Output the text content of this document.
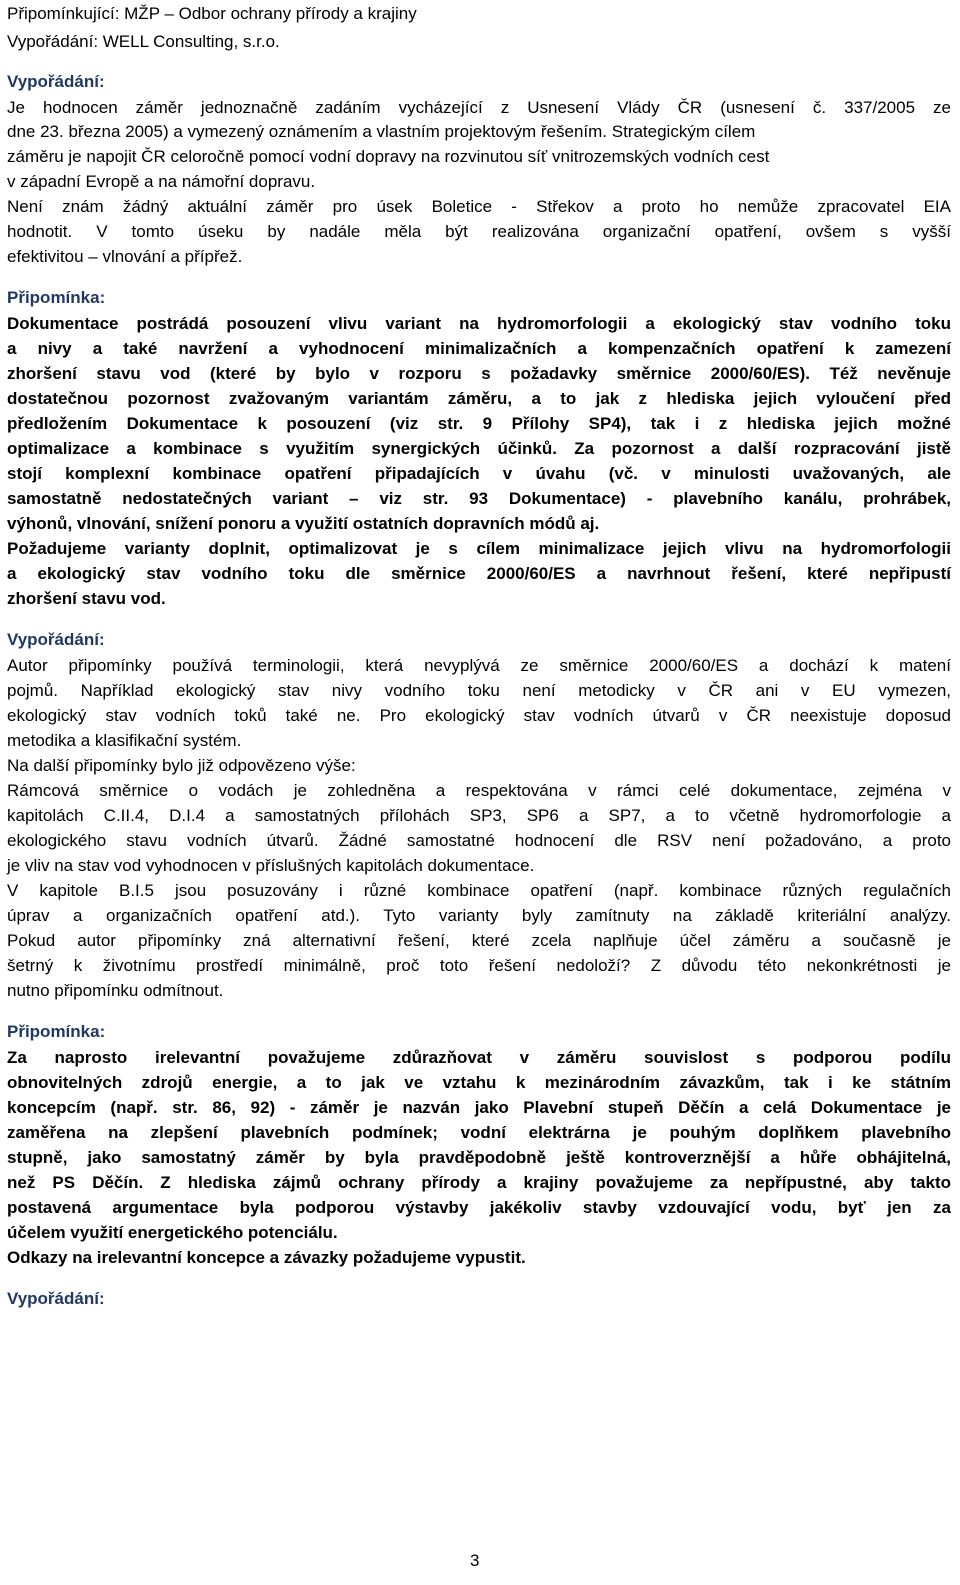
Připomínkující: MŽP – Odbor ochrany přírody a krajiny
Vypořádání: WELL Consulting, s.r.o.
Vypořádání:
Je hodnocen záměr jednoznačně zadáním vycházející z Usnesení Vlády ČR (usnesení č. 337/2005 ze
dne 23. března 2005) a vymezený oznámením a vlastním projektovým řešením. Strategickým cílem
záměru je napojit ČR celoročně pomocí vodní dopravy na rozvinutou síť vnitrozemských vodních cest
v západní Evropě a na námořní dopravu.
Není znám žádný aktuální záměr pro úsek Boletice - Střekov a proto ho nemůže zpracovatel EIA
hodnotit. V tomto úseku by nadále měla být realizována organizační opatření, ovšem s vyšší
efektivitou – vlnování a přípřež.
Připomínka:
Dokumentace postrádá posouzení vlivu variant na hydromorfologii a ekologický stav vodního toku
a nivy a také navržení a vyhodnocení minimalizačních a kompenzačních opatření k zamezení
zhoršení stavu vod (které by bylo v rozporu s požadavky směrnice 2000/60/ES). Též nevěnuje
dostatečnou pozornost zvažovaným variantám záměru, a to jak z hlediska jejich vyloučení před
předložením Dokumentace k posouzení (viz str. 9 Přílohy SP4), tak i z hlediska jejich možné
optimalizace a kombinace s využitím synergických účinků. Za pozornost a další rozpracování jistě
stojí komplexní kombinace opatření připadajících v úvahu (vč. v minulosti uvažovaných, ale
samostatně nedostatečných variant – viz str. 93 Dokumentace) - plavebního kanálu, prohrábek,
výhonů, vlnování, snížení ponoru a využití ostatních dopravních módů aj.
Požadujeme varianty doplnit, optimalizovat je s cílem minimalizace jejich vlivu na hydromorfologii
a ekologický stav vodního toku dle směrnice 2000/60/ES a navrhnout řešení, které nepřipustí
zhoršení stavu vod.
Vypořádání:
Autor připomínky používá terminologii, která nevyplývá ze směrnice 2000/60/ES a dochází k matení
pojmů. Například ekologický stav nivy vodního toku není metodicky v ČR ani v EU vymezen,
ekologický stav vodních toků také ne. Pro ekologický stav vodních útvarů v ČR neexistuje doposud
metodika a klasifikační systém.
Na další připomínky bylo již odpovězeno výše:
Rámcová směrnice o vodách je zohledněna a respektována v rámci celé dokumentace, zejména v
kapitolách C.II.4, D.I.4 a samostatných přílohách SP3, SP6 a SP7, a to včetně hydromorfologie a
ekologického stavu vodních útvarů. Žádné samostatné hodnocení dle RSV není požadováno, a proto
je vliv na stav vod vyhodnocen v příslušných kapitolách dokumentace.
V kapitole B.I.5 jsou posuzovány i různé kombinace opatření (např. kombinace různých regulačních
úprav a organizačních opatření atd.). Tyto varianty byly zamítnuty na základě kriteriální analýzy.
Pokud autor připomínky zná alternativní řešení, které zcela naplňuje účel záměru a současně je
šetrný k životnímu prostředí minimálně, proč toto řešení nedoloží? Z důvodu této nekonkrétnosti je
nutno připomínku odmítnout.
Připomínka:
Za naprosto irelevantní považujeme zdůrazňovat v záměru souvislost s podporou podílu
obnovitelných zdrojů energie, a to jak ve vztahu k mezinárodním závazkům, tak i ke státním
koncepcím (např. str. 86, 92) - záměr je nazván jako Plavební stupeň Děčín a celá Dokumentace je
zaměřena na zlepšení plavebních podmínek; vodní elektrárna je pouhým doplňkem plavebního
stupně, jako samostatný záměr by byla pravděpodobně ještě kontroverznější a hůře obhájitelná,
než PS Děčín. Z hlediska zájmů ochrany přírody a krajiny považujeme za nepřípustné, aby takto
postavená argumentace byla podporou výstavby jakékoliv stavby vzdouvající vodu, byť jen za
účelem využití energetického potenciálu.
Odkazy na irelevantní koncepce a závazky požadujeme vypustit.
Vypořádání:
3
